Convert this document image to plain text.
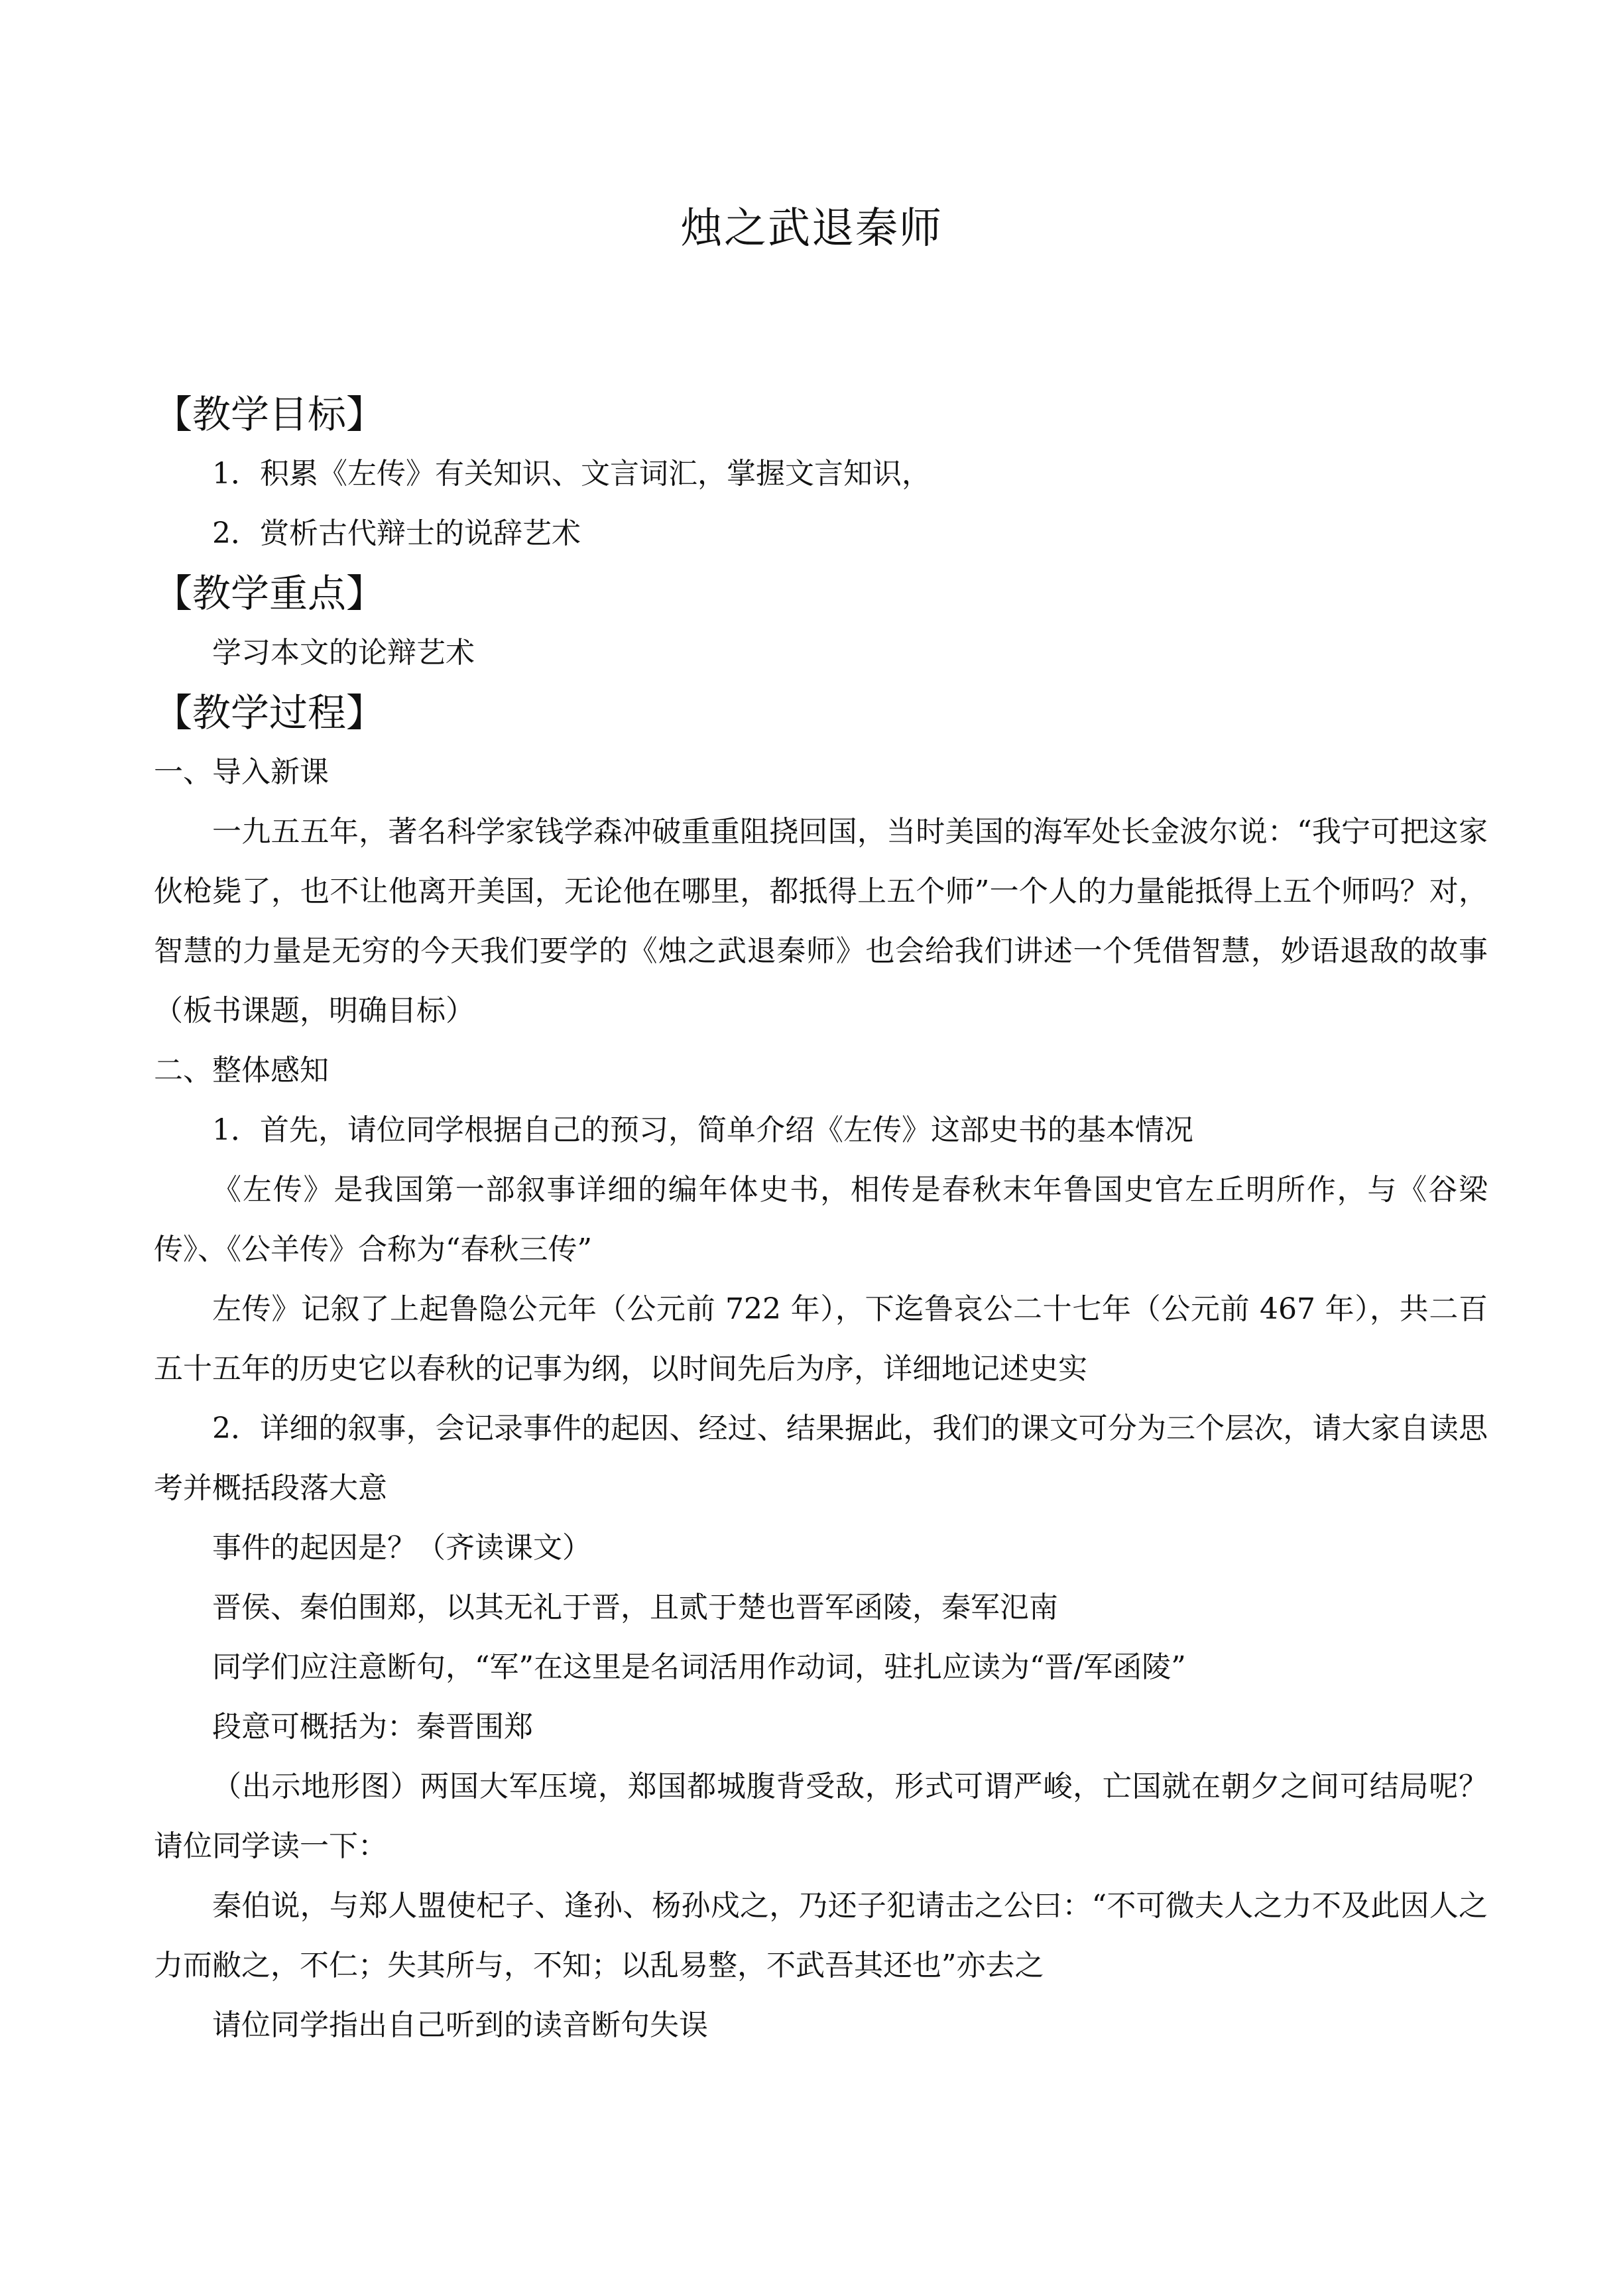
烛之武退秦师
【教学目标】

1．积累《左传》有关知识、文言词汇，掌握文言知识，

2．赏析古代辩士的说辞艺术

【教学重点】

学习本文的论辩艺术

【教学过程】
一、导入新课

一九五五年，著名科学家钱学森冲破重重阻挠回国，当时美国的海军处长金波尔说：“我宁可把这家伙枪毙了，也不让他离开美国，无论他在哪里，都抵得上五个师”一个人的力量能抵得上五个师吗？对，智慧的力量是无穷的今天我们要学的《烛之武退秦师》也会给我们讲述一个凭借智慧，妙语退敌的故事（板书课题，明确目标）

二、整体感知

1．首先，请位同学根据自己的预习，简单介绍《左传》这部史书的基本情况

《左传》是我国第一部叙事详细的编年体史书，相传是春秋末年鲁国史官左丘明所作，与《谷梁传》、《公羊传》合称为“春秋三传”

左传》记叙了上起鲁隐公元年（公元前 722 年），下迄鲁哀公二十七年（公元前 467 年），共二百五十五年的历史它以春秋的记事为纲，以时间先后为序，详细地记述史实

2．详细的叙事，会记录事件的起因、经过、结果据此，我们的课文可分为三个层次，请大家自读思考并概括段落大意

事件的起因是？（齐读课文）

晋侯、秦伯围郑，以其无礼于晋，且贰于楚也晋军函陵，秦军氾南

同学们应注意断句，“军”在这里是名词活用作动词，驻扎应读为“晋/军函陵”

段意可概括为：秦晋围郑

（出示地形图）两国大军压境，郑国都城腹背受敌，形式可谓严峻，亡国就在朝夕之间可结局呢？请位同学读一下：

秦伯说，与郑人盟使杞子、逢孙、杨孙戍之，乃还子犯请击之公曰：“不可微夫人之力不及此因人之力而敝之，不仁；失其所与，不知；以乱易整，不武吾其还也”亦去之

请位同学指出自己听到的读音断句失误
